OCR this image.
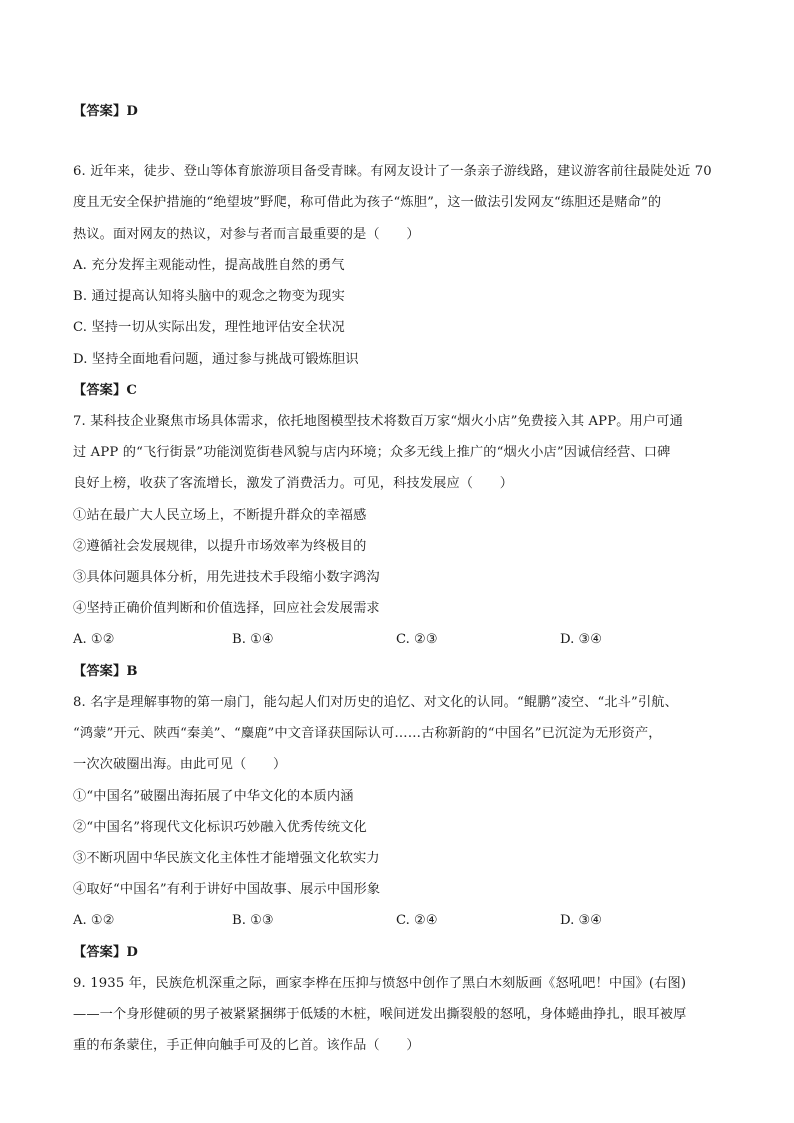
【答案】D
6. 近年来，徒步、登山等体育旅游项目备受青睐。有网友设计了一条亲子游线路，建议游客前往最陡处近 70
度且无安全保护措施的“绝望坡”野爬，称可借此为孩子“炼胆”，这一做法引发网友“练胆还是赌命”的
热议。面对网友的热议，对参与者而言最重要的是（　　）
A. 充分发挥主观能动性，提高战胜自然的勇气
B. 通过提高认知将头脑中的观念之物变为现实
C. 坚持一切从实际出发，理性地评估安全状况
D. 坚持全面地看问题，通过参与挑战可锻炼胆识
【答案】C
7. 某科技企业聚焦市场具体需求，依托地图模型技术将数百万家“烟火小店”免费接入其 APP。用户可通
过 APP 的“飞行街景”功能浏览街巷风貌与店内环境；众多无线上推广的“烟火小店”因诚信经营、口碑
良好上榜，收获了客流增长，激发了消费活力。可见，科技发展应（　　）
①站在最广大人民立场上，不断提升群众的幸福感
②遵循社会发展规律，以提升市场效率为终极目的
③具体问题具体分析，用先进技术手段缩小数字鸿沟
④坚持正确价值判断和价值选择，回应社会发展需求
A. ①②	B. ①④	C. ②③	D. ③④
【答案】B
8. 名字是理解事物的第一扇门，能勾起人们对历史的追忆、对文化的认同。“鲲鹏”凌空、“北斗”引航、
“鸿蒙”开元、陕西“秦美”、“麋鹿”中文音译获国际认可……古称新韵的“中国名”已沉淀为无形资产，
一次次破圈出海。由此可见（　　）
①“中国名”破圈出海拓展了中华文化的本质内涵
②“中国名”将现代文化标识巧妙融入优秀传统文化
③不断巩固中华民族文化主体性才能增强文化软实力
④取好“中国名”有利于讲好中国故事、展示中国形象
A. ①②	B. ①③	C. ②④	D. ③④
【答案】D
9. 1935 年，民族危机深重之际，画家李桦在压抑与愤怒中创作了黑白木刻版画《怒吼吧！中国》(右图)
——一个身形健硕的男子被紧紧捆绑于低矮的木桩，喉间迸发出撕裂般的怒吼，身体蜷曲挣扎，眼耳被厚
重的布条蒙住，手正伸向触手可及的匕首。该作品（　　）
